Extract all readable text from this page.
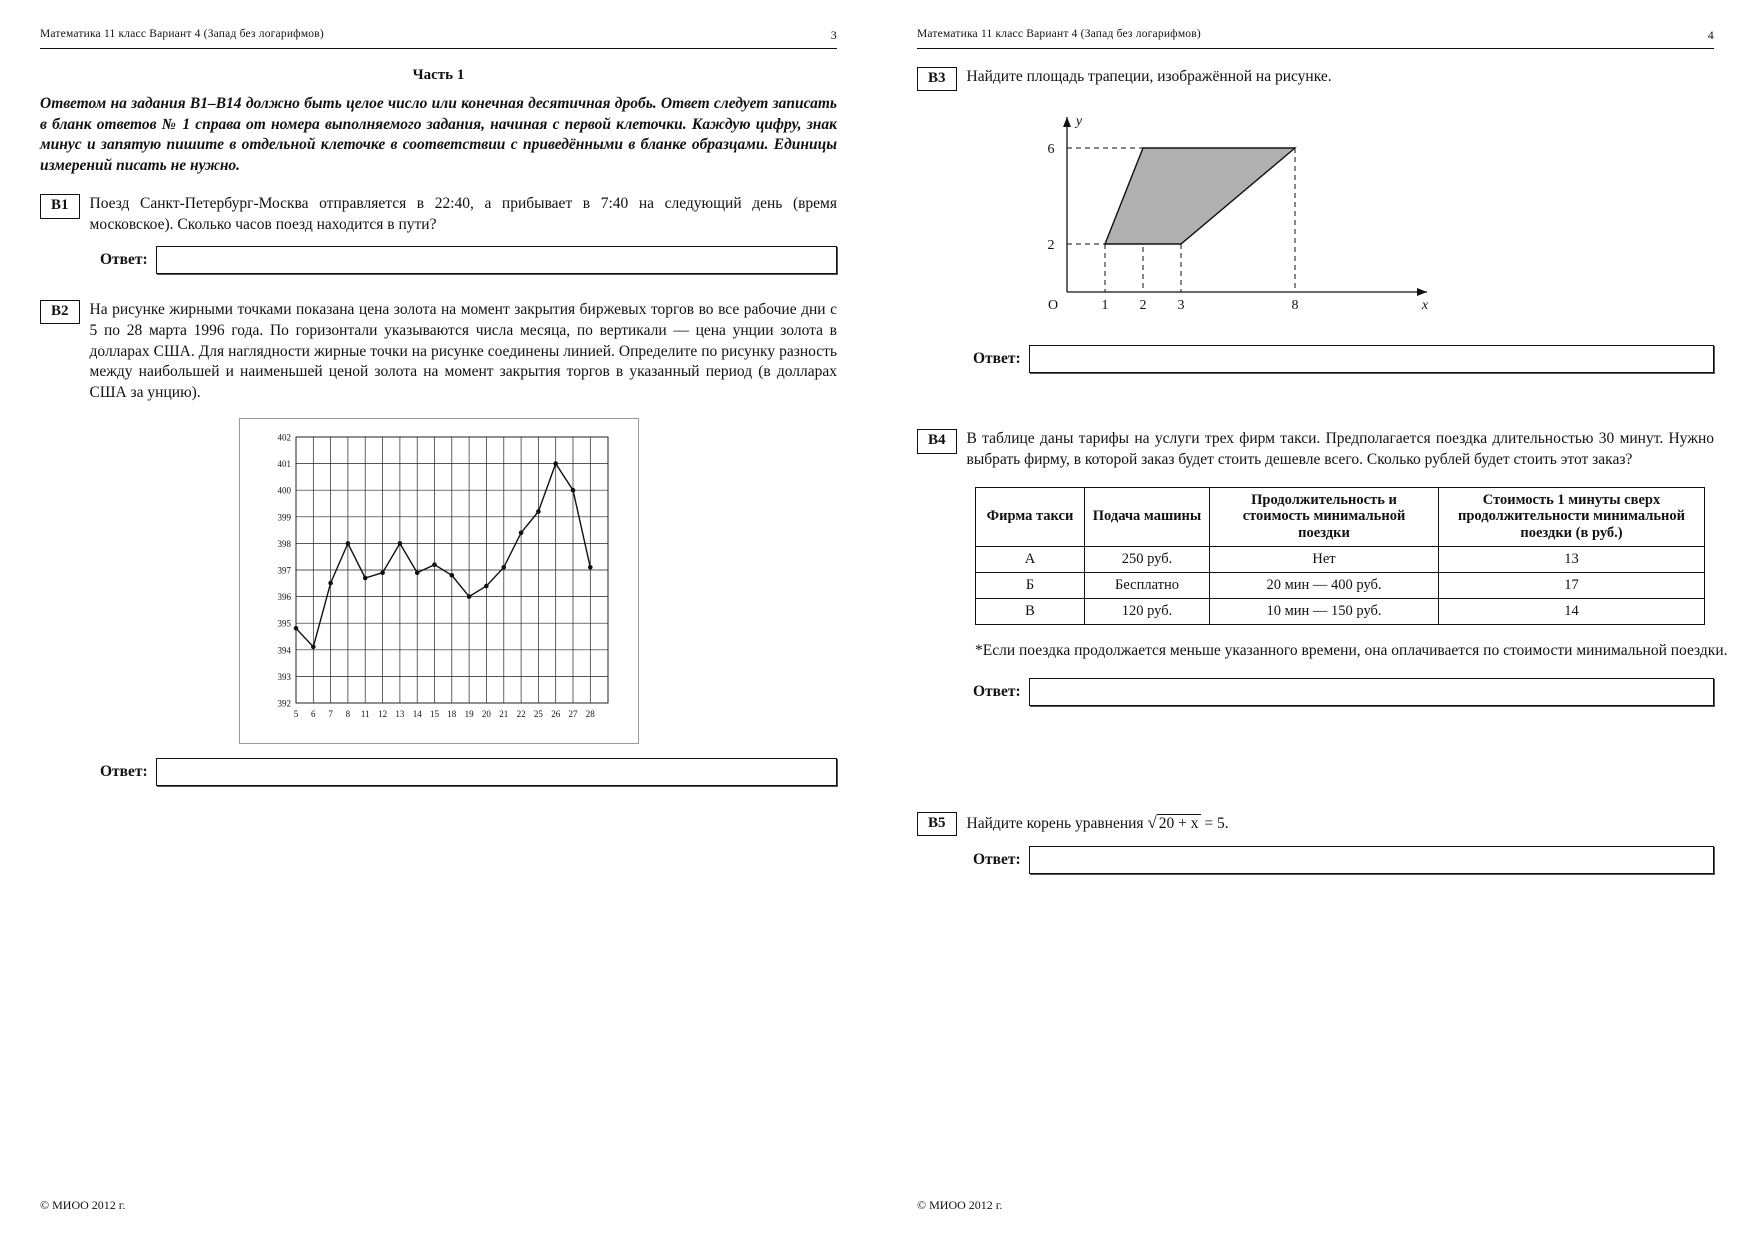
Математика 11 класс Вариант 4 (Запад без логарифмов)	3
Часть 1

Ответом на задания В1–В14 должно быть целое число или конечная десятичная дробь. Ответ следует записать в бланк ответов № 1 справа от номера выполняемого задания, начиная с первой клеточки. Каждую цифру, знак минус и запятую пишите в отдельной клеточке в соответствии с приведёнными в бланке образцами. Единицы измерений писать не нужно.

В1	Поезд Санкт-Петербург-Москва отправляется в 22:40, а прибывает в 7:40 на следующий день (время московское). Сколько часов поезд находится в пути?
Ответ:
В2	На рисунке жирными точками показана цена золота на момент закрытия биржевых торгов во все рабочие дни с 5 по 28 марта 1996 года. По горизонтали указываются числа месяца, по вертикали — цена унции золота в долларах США. Для наглядности жирные точки на рисунке соединены линией. Определите по рисунку разность между наибольшей и наименьшей ценой золота на момент закрытия торгов в указанный период (в долларах США за унцию).
402
401
400
399
398
397
396
395
394
393
392
5 6 7 8 11 12 13 14 15 18 19 20 21 22 25 26 27 28
Ответ:
© МИОО 2012 г.
Математика 11 класс Вариант 4 (Запад без логарифмов)	4
В3	Найдите площадь трапеции, изображённой на рисунке.
6
2
O	1 2 3	8	x
y
Ответ:
В4	В таблице даны тарифы на услуги трех фирм такси. Предполагается поездка длительностью 30 минут. Нужно выбрать фирму, в которой заказ будет стоить дешевле всего. Сколько рублей будет стоить этот заказ?
Фирма такси	Подача машины	Продолжительность и стоимость минимальной поездки	Стоимость 1 минуты сверх продолжительности минимальной поездки (в руб.)
А	250 руб.	Нет	13
Б	Бесплатно	20 мин — 400 руб.	17
В	120 руб.	10 мин — 150 руб.	14

*Если поездка продолжается меньше указанного времени, она оплачивается по стоимости минимальной поездки.

Ответ:
В5	Найдите корень уравнения √ 20 + x = 5.
Ответ:
© МИОО 2012 г.
